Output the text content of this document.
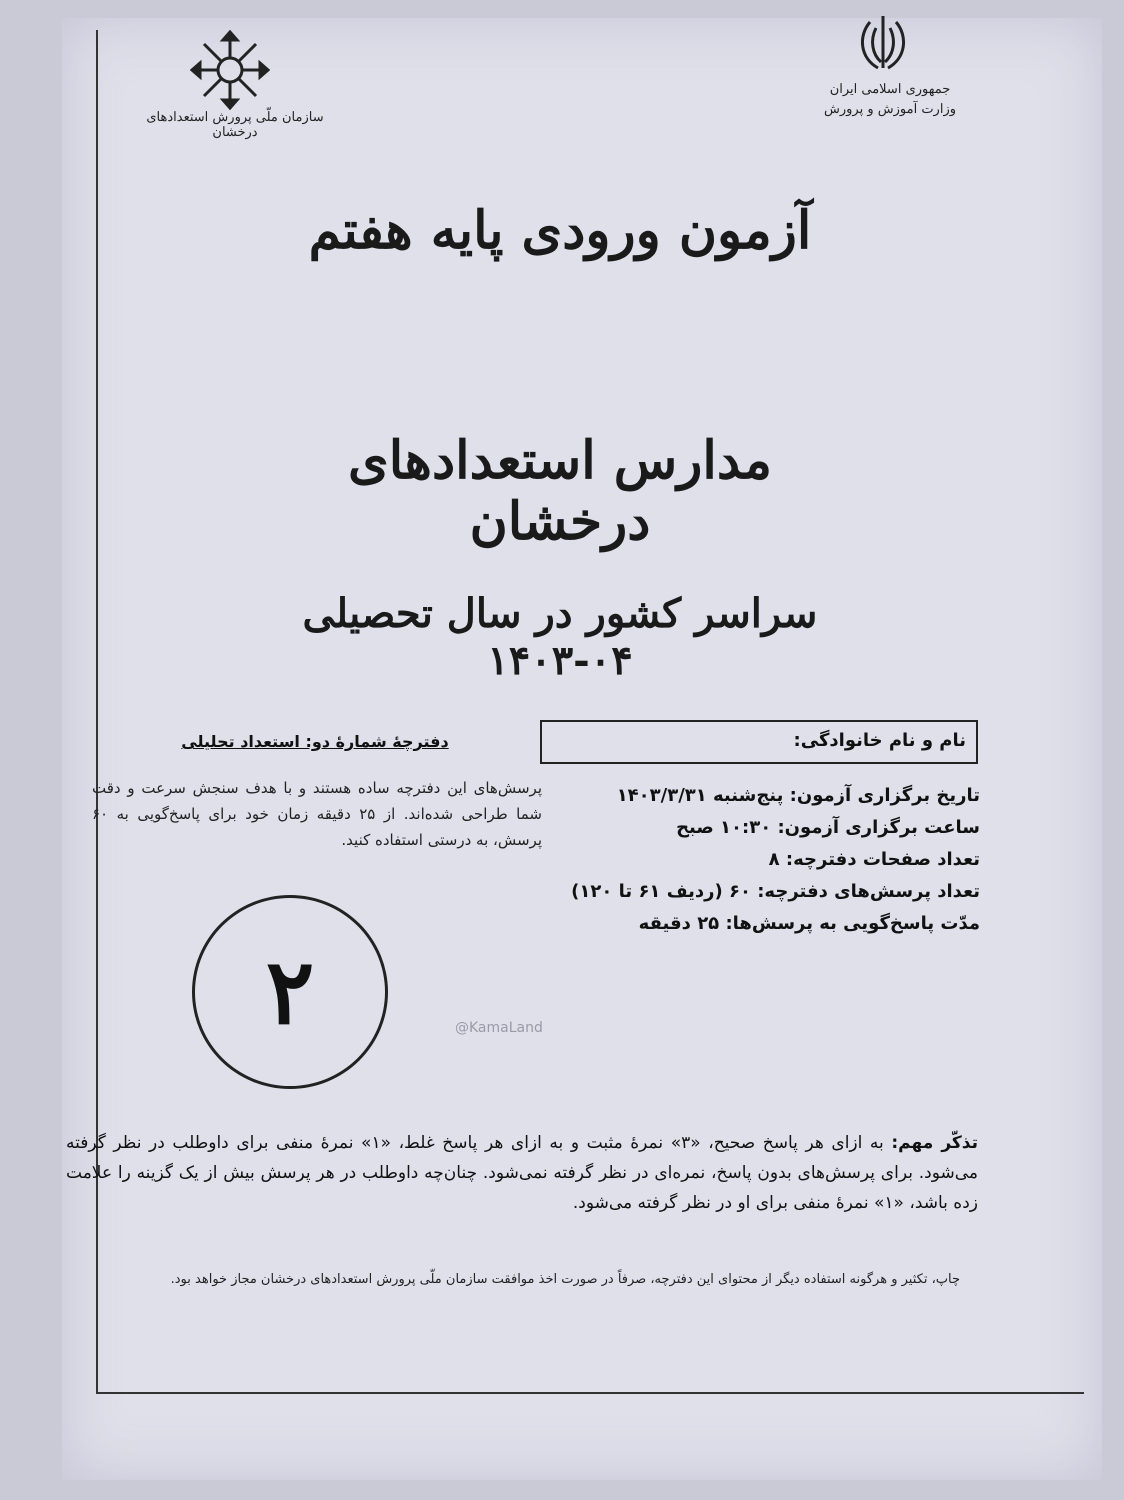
سازمان ملّی پرورش استعدادهای درخشان
جمهوری اسلامی ایران
وزارت آموزش و پرورش
آزمون ورودی پایه هفتم
مدارس استعدادهای درخشان
سراسر کشور در سال تحصیلی ۰۴-۱۴۰۳
نام و نام خانوادگی:
تاریخ برگزاری آزمون: پنج‌شنبه ۱۴۰۳/۳/۳۱
ساعت برگزاری آزمون: ۱۰:۳۰ صبح
تعداد صفحات دفترچه: ۸
تعداد پرسش‌های دفترچه: ۶۰ (ردیف ۶۱ تا ۱۲۰)
مدّت پاسخ‌گویی به پرسش‌ها: ۲۵ دقیقه
دفترچهٔ شمارهٔ دو: استعداد تحلیلی
پرسش‌های این دفترچه ساده هستند و با هدف سنجش سرعت و دقت شما طراحی شده‌اند. از ۲۵ دقیقه زمان خود برای پاسخ‌گویی به ۶۰ پرسش، به درستی استفاده کنید.
۲	@KamaLand
تذکّر مهم: به ازای هر پاسخ صحیح، «۳» نمرهٔ مثبت و به ازای هر پاسخ غلط، «۱» نمرهٔ منفی برای داوطلب در نظر گرفته می‌شود. برای پرسش‌های بدون پاسخ، نمره‌ای در نظر گرفته نمی‌شود. چنان‌چه داوطلب در هر پرسش بیش از یک گزینه را علامت زده باشد، «۱» نمرهٔ منفی برای او در نظر گرفته می‌شود.
چاپ، تکثیر و هرگونه استفاده دیگر از محتوای این دفترچه، صرفاً در صورت اخذ موافقت سازمان ملّی پرورش استعدادهای درخشان مجاز خواهد بود.
